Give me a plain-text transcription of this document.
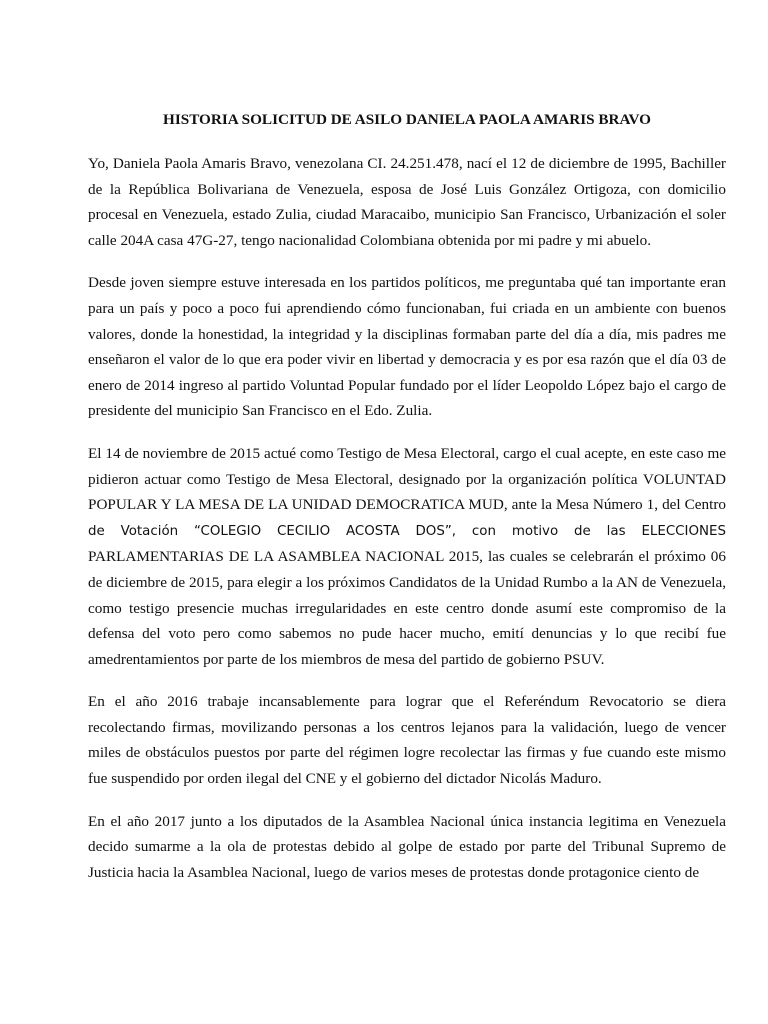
HISTORIA SOLICITUD DE ASILO DANIELA PAOLA AMARIS BRAVO

Yo, Daniela Paola Amaris Bravo, venezolana CI. 24.251.478, nací el 12 de diciembre de 1995, Bachiller de la República Bolivariana de Venezuela, esposa de José Luis González Ortigoza, con domicilio procesal en Venezuela, estado Zulia, ciudad Maracaibo, municipio San Francisco, Urbanización el soler calle 204A casa 47G-27, tengo nacionalidad Colombiana obtenida por mi padre y mi abuelo.

Desde joven siempre estuve interesada en los partidos políticos, me preguntaba qué tan importante eran para un país y poco a poco fui aprendiendo cómo funcionaban, fui criada en un ambiente con buenos valores, donde la honestidad, la integridad y la disciplinas formaban parte del día a día, mis padres me enseñaron el valor de lo que era poder vivir en libertad y democracia y es por esa razón que el día 03 de enero de 2014 ingreso al partido Voluntad Popular fundado por el líder Leopoldo López bajo el cargo de presidente del municipio San Francisco en el Edo. Zulia.

El 14 de noviembre de 2015 actué como Testigo de Mesa Electoral, cargo el cual acepte, en este caso me pidieron actuar como Testigo de Mesa Electoral, designado por la organización política VOLUNTAD POPULAR Y LA MESA DE LA UNIDAD DEMOCRATICA MUD, ante la Mesa Número 1, del Centro de Votación “COLEGIO CECILIO ACOSTA DOS”, con motivo de las ELECCIONES PARLAMENTARIAS DE LA ASAMBLEA NACIONAL 2015, las cuales se celebrarán el próximo 06 de diciembre de 2015, para elegir a los próximos Candidatos de la Unidad Rumbo a la AN de Venezuela, como testigo presencie muchas irregularidades en este centro donde asumí este compromiso de la defensa del voto pero como sabemos no pude hacer mucho, emití denuncias y lo que recibí fue amedrentamientos por parte de los miembros de mesa del partido de gobierno PSUV.

En el año 2016 trabaje incansablemente para lograr que el Referéndum Revocatorio se diera recolectando firmas, movilizando personas a los centros lejanos para la validación, luego de vencer miles de obstáculos puestos por parte del régimen logre recolectar las firmas y fue cuando este mismo fue suspendido por orden ilegal del CNE y el gobierno del dictador Nicolás Maduro.

En el año 2017 junto a los diputados de la Asamblea Nacional única instancia legitima en Venezuela decido sumarme a la ola de protestas debido al golpe de estado por parte del Tribunal Supremo de Justicia hacia la Asamblea Nacional, luego de varios meses de protestas donde protagonice ciento de
